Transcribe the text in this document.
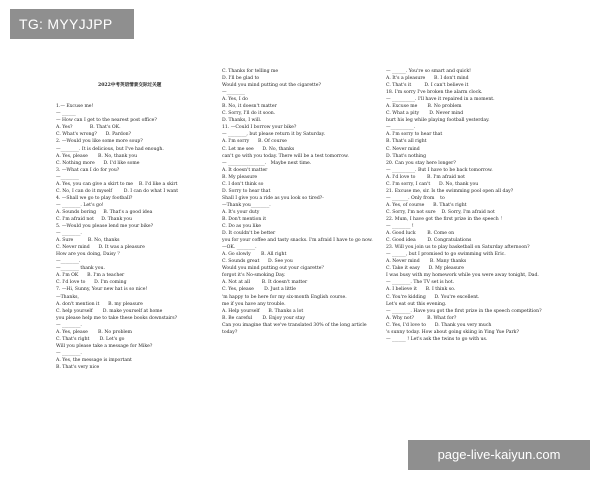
TG: MYYJJPP

2022中考英语情景交际过关题

1.— Excuse me!
— ______
— How can I get to the nearest post office?
A. Yes?            B. That's OK.
C. What's wrong?      D. Pardon?
2. —Would you like some more soup?
—________. It is delicious, but I've had enough.
A. Yes, please       B. No, thank you
C. Nothing more      D. I'd like some
3. —What can I do for you?
—________
A. Yes, you can give a skirt to me    B. I'd like a skirt
C. No, I can do it myself        D. I can do what I want
4. —Shall we go to play football?
— ________. Let's go!
A. Sounds boring     B. That's a good idea
C. I'm afraid not     D. Thank you
5. —Would you please lend me your bike?
— ________.
A. Sure          B. No, thanks
C. Never mind      D. It was a pleasure
How are you doing, Daisy ？
—________.
—________ thank you.
A. I'm OK      B. I'm a teacher
C. I'd love to      D. I'm coming
7. —Hi, Sunny, Your new hat is so nice!
—Thanks,
A. don't mention it      B. my pleasure
C. help yourself       D. make yourself at home
you please help me to take these books downstairs?
— ________.
A. Yes, please       B. No problem
C. That's right       D. Let's go
Will you please take a message for Mike?
— ________.
A. Yes, the message is important
B. That's very nice
C. Thanks for telling me
D. I'll be glad to
Would you mind putting out the cigarette?
—________
A. Yes, I do
B. No, it doesn't matter
C. Sorry, I'll do it soon.
D. Thanks, I will.
11. —Could I borrow your bike?
— ________, but please return it by Saturday.
A. I'm sorry      B. Of course
C. Let me see      D. No, thanks
can't go with you today. There will be a test tomorrow.
— ________________.   Maybe next time.
A. It doesn't matter
B. My pleasure
C. I don't think so
D. Sorry to hear that
Shall I give you a ride as you look so tired?-
—Thank you________.
A. It's your duty
B. Don't mention it
C. Do as you like
D. It couldn't be better
you for your coffee and tasty snacks. I'm afraid I have to go now.
—OK. ________.
A. Go slowly       B. All right
C. Sounds great      D. See you
Would you mind putting out your cigarette？
forgot it's No-smoking Day.
A. Not at all        B. It doesn't matter
C. Yes, please       D. Just a little
'm happy to be here for my six-month English course.
me if you have any trouble.
A. Help yourself      B. Thanks a lot
B. Be careful       D. Enjoy your stay
Can you imagine that we've translated 30% of the long article
today?
— ______. You're so smart and quick!
A. It's a pleasure      B. I don't mind
C. That's it         D. I can't believe it
18. I'm sorry I've broken the alarm clock.
— __________. I'll have it repaired in a moment.
A. Excuse me       B. No problem
C. What a pity       D. Never mind
hurt his leg while playing football yesterday.
—__________.
A. I'm sorry to hear that
B. That's all right
C. Never mind
D. That's nothing
20. Can you stay here longer?
— __________. But I have to be back tomorrow.
A. I'd love to        B. I'm afraid not
C. I'm sorry, I can't      D. No, thank you
21. Excuse me, sir. Is the swimming pool open all day?
— _______. Only from    to
A. Yes, of course      B. That's right
C. Sorry, I'm not sure    D. Sorry, I'm afraid not
22. Mum, I have got the first prize in the speech ！
— ________ !
A. Good luck        B. Come on
C. Good idea        D. Congratulations
23. Will you join us to play basketball on Saturday afternoon?
— ______, but I promised to go swimming with Eric.
A. Never mind       B. Many thanks
C. Take it easy      D. My pleasure
I was busy with my homework while you were away tonight, Dad.
— ________. The TV set is hot.
A. I believe it      B. I think so.
C. You're kidding      D. You're excellent.
Let's eat out this evening.
— ________. Have you got the first prize in the speech competition?
A. Why not?         B. What for?
C. Yes, I'd love to      D. Thank you very much
's sunny today. How about going skiing in Ying Yue Park?
— ______ ! Let's ask the twins to go with us.
page-live-kaiyun.com
